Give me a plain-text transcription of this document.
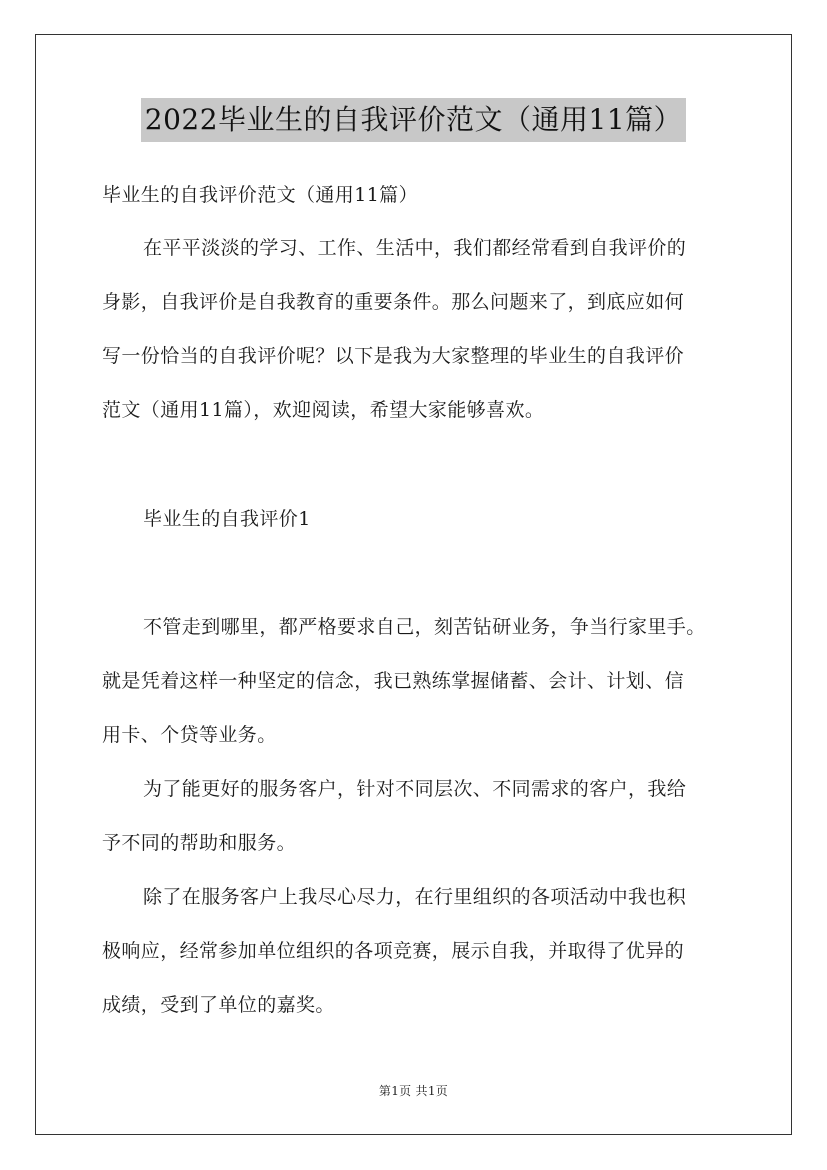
2022毕业生的自我评价范文（通用11篇）
毕业生的自我评价范文（通用11篇）
在平平淡淡的学习、工作、生活中，我们都经常看到自我评价的
身影，自我评价是自我教育的重要条件。那么问题来了，到底应如何
写一份恰当的自我评价呢？以下是我为大家整理的毕业生的自我评价
范文（通用11篇），欢迎阅读，希望大家能够喜欢。
毕业生的自我评价1
不管走到哪里，都严格要求自己，刻苦钻研业务，争当行家里手。
就是凭着这样一种坚定的信念，我已熟练掌握储蓄、会计、计划、信
用卡、个贷等业务。
为了能更好的服务客户，针对不同层次、不同需求的客户，我给
予不同的帮助和服务。
除了在服务客户上我尽心尽力，在行里组织的各项活动中我也积
极响应，经常参加单位组织的各项竞赛，展示自我，并取得了优异的
成绩，受到了单位的嘉奖。
第1页 共1页
